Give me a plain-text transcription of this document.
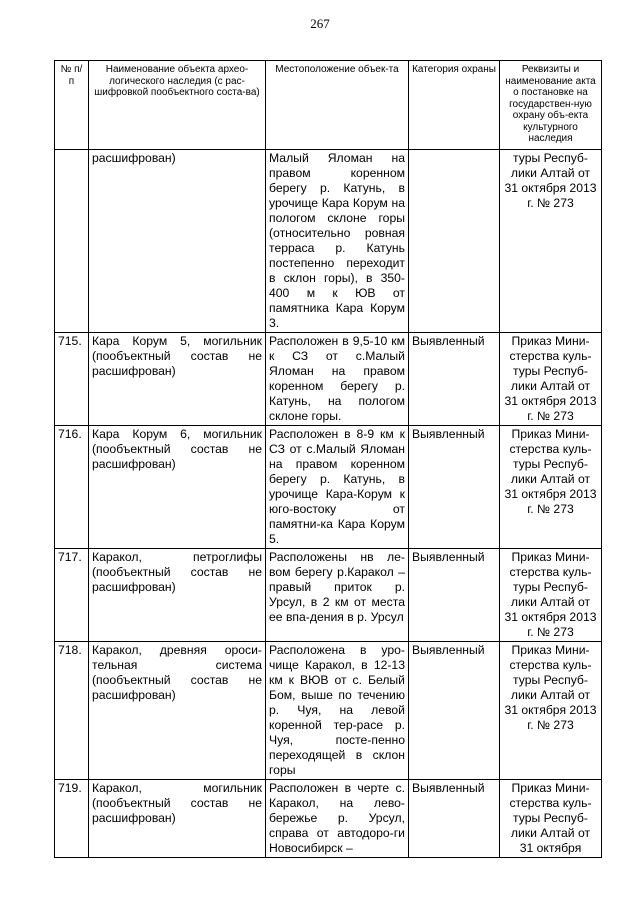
267
№ п/п	Наименование объекта архео-логического наследия (с рас-шифровкой пообъектного соста-ва)	Местоположение объек-та	Категория охраны	Реквизиты и наименование акта о постановке на государствен-ную охрану объ-екта культурного наследия
	расшифрован)	Малый Яломан на правом коренном берегу р. Катунь, в урочище Кара Корум на пологом склоне горы (относительно ровная терраса р. Катунь постепенно переходит в склон горы), в 350-400 м к ЮВ от памятника Кара Корум 3.		туры Респуб-лики Алтай от 31 октября 2013 г. № 273
715.	Кара Корум 5, могильник (пообъектный состав не расшифрован)	Расположен в 9,5-10 км к СЗ от с.Малый Яломан на правом коренном берегу р. Катунь, на пологом склоне горы.	Выявленный	Приказ Мини-стерства куль-туры Респуб-лики Алтай от 31 октября 2013 г. № 273
716.	Кара Корум 6, могильник (пообъектный состав не расшифрован)	Расположен в 8-9 км к СЗ от с.Малый Яломан на правом коренном берегу р. Катунь, в урочище Кара-Корум к юго-востоку от памятни-ка Кара Корум 5.	Выявленный	Приказ Мини-стерства куль-туры Респуб-лики Алтай от 31 октября 2013 г. № 273
717.	Каракол, петроглифы (пообъектный состав не расшифрован)	Расположены нв ле-вом берегу р.Каракол – правый приток р. Урсул, в 2 км от места ее впа-дения в р. Урсул	Выявленный	Приказ Мини-стерства куль-туры Респуб-лики Алтай от 31 октября 2013 г. № 273
718.	Каракол, древняя ороси-тельная система (пообъектный состав не расшифрован)	Расположена в уро-чище Каракол, в 12-13 км к ВЮВ от с. Белый Бом, выше по течению р. Чуя, на левой коренной тер-расе р. Чуя, посте-пенно переходящей в склон горы	Выявленный	Приказ Мини-стерства куль-туры Респуб-лики Алтай от 31 октября 2013 г. № 273
719.	Каракол, могильник (пообъектный состав не расшифрован)	Расположен в черте с. Каракол, на лево-бережье р. Урсул, справа от автодоро-ги Новосибирск –	Выявленный	Приказ Мини-стерства куль-туры Респуб-лики Алтай от 31 октября
